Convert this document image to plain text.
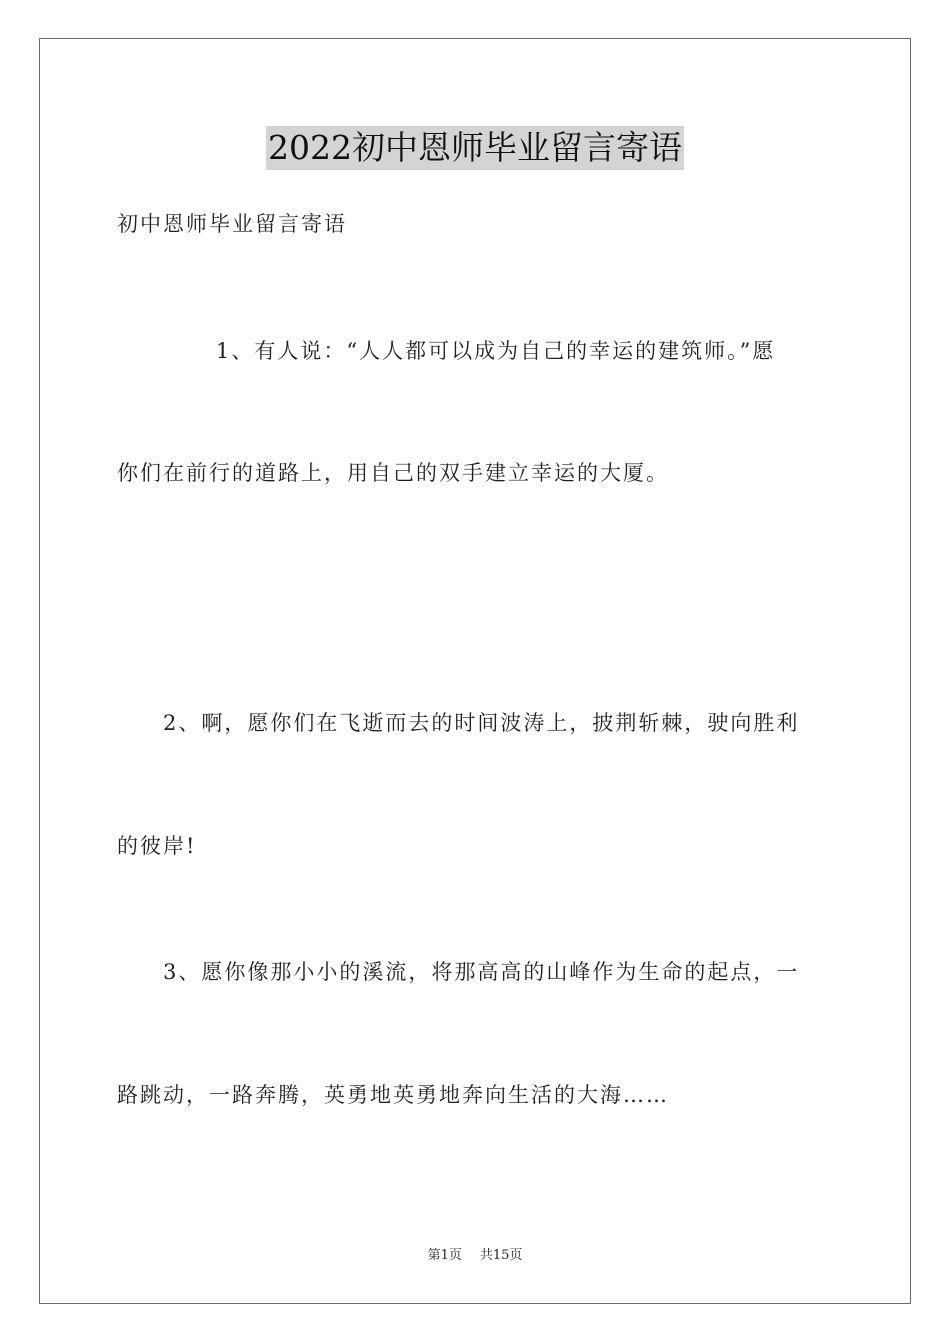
2022初中恩师毕业留言寄语
初中恩师毕业留言寄语
1、有人说：“人人都可以成为自己的幸运的建筑师。”愿
你们在前行的道路上，用自己的双手建立幸运的大厦。
2、啊，愿你们在飞逝而去的时间波涛上，披荆斩棘，驶向胜利
的彼岸!
3、愿你像那小小的溪流，将那高高的山峰作为生命的起点，一
路跳动，一路奔腾，英勇地英勇地奔向生活的大海……
第1页 共15页
